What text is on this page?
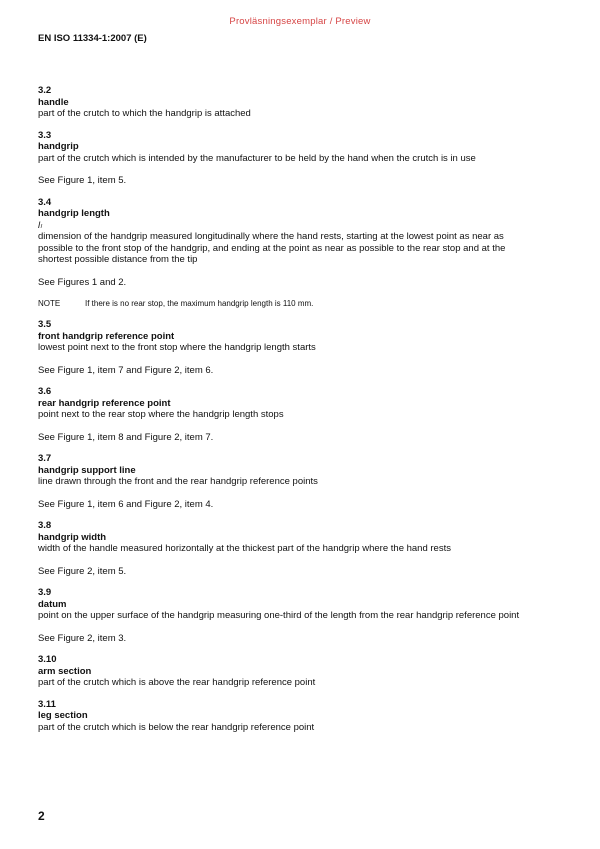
Provläsningsexemplar / Preview
EN ISO 11334-1:2007 (E)
3.2
handle
part of the crutch to which the handgrip is attached
3.3
handgrip
part of the crutch which is intended by the manufacturer to be held by the hand when the crutch is in use
See Figure 1, item 5.
3.4
handgrip length
lₗ
dimension of the handgrip measured longitudinally where the hand rests, starting at the lowest point as near as possible to the front stop of the handgrip, and ending at the point as near as possible to the rear stop and at the shortest possible distance from the tip
See Figures 1 and 2.
NOTE	If there is no rear stop, the maximum handgrip length is 110 mm.
3.5
front handgrip reference point
lowest point next to the front stop where the handgrip length starts
See Figure 1, item 7 and Figure 2, item 6.
3.6
rear handgrip reference point
point next to the rear stop where the handgrip length stops
See Figure 1, item 8 and Figure 2, item 7.
3.7
handgrip support line
line drawn through the front and the rear handgrip reference points
See Figure 1, item 6 and Figure 2, item 4.
3.8
handgrip width
width of the handle measured horizontally at the thickest part of the handgrip where the hand rests
See Figure 2, item 5.
3.9
datum
point on the upper surface of the handgrip measuring one-third of the length from the rear handgrip reference point
See Figure 2, item 3.
3.10
arm section
part of the crutch which is above the rear handgrip reference point
3.11
leg section
part of the crutch which is below the rear handgrip reference point
2
